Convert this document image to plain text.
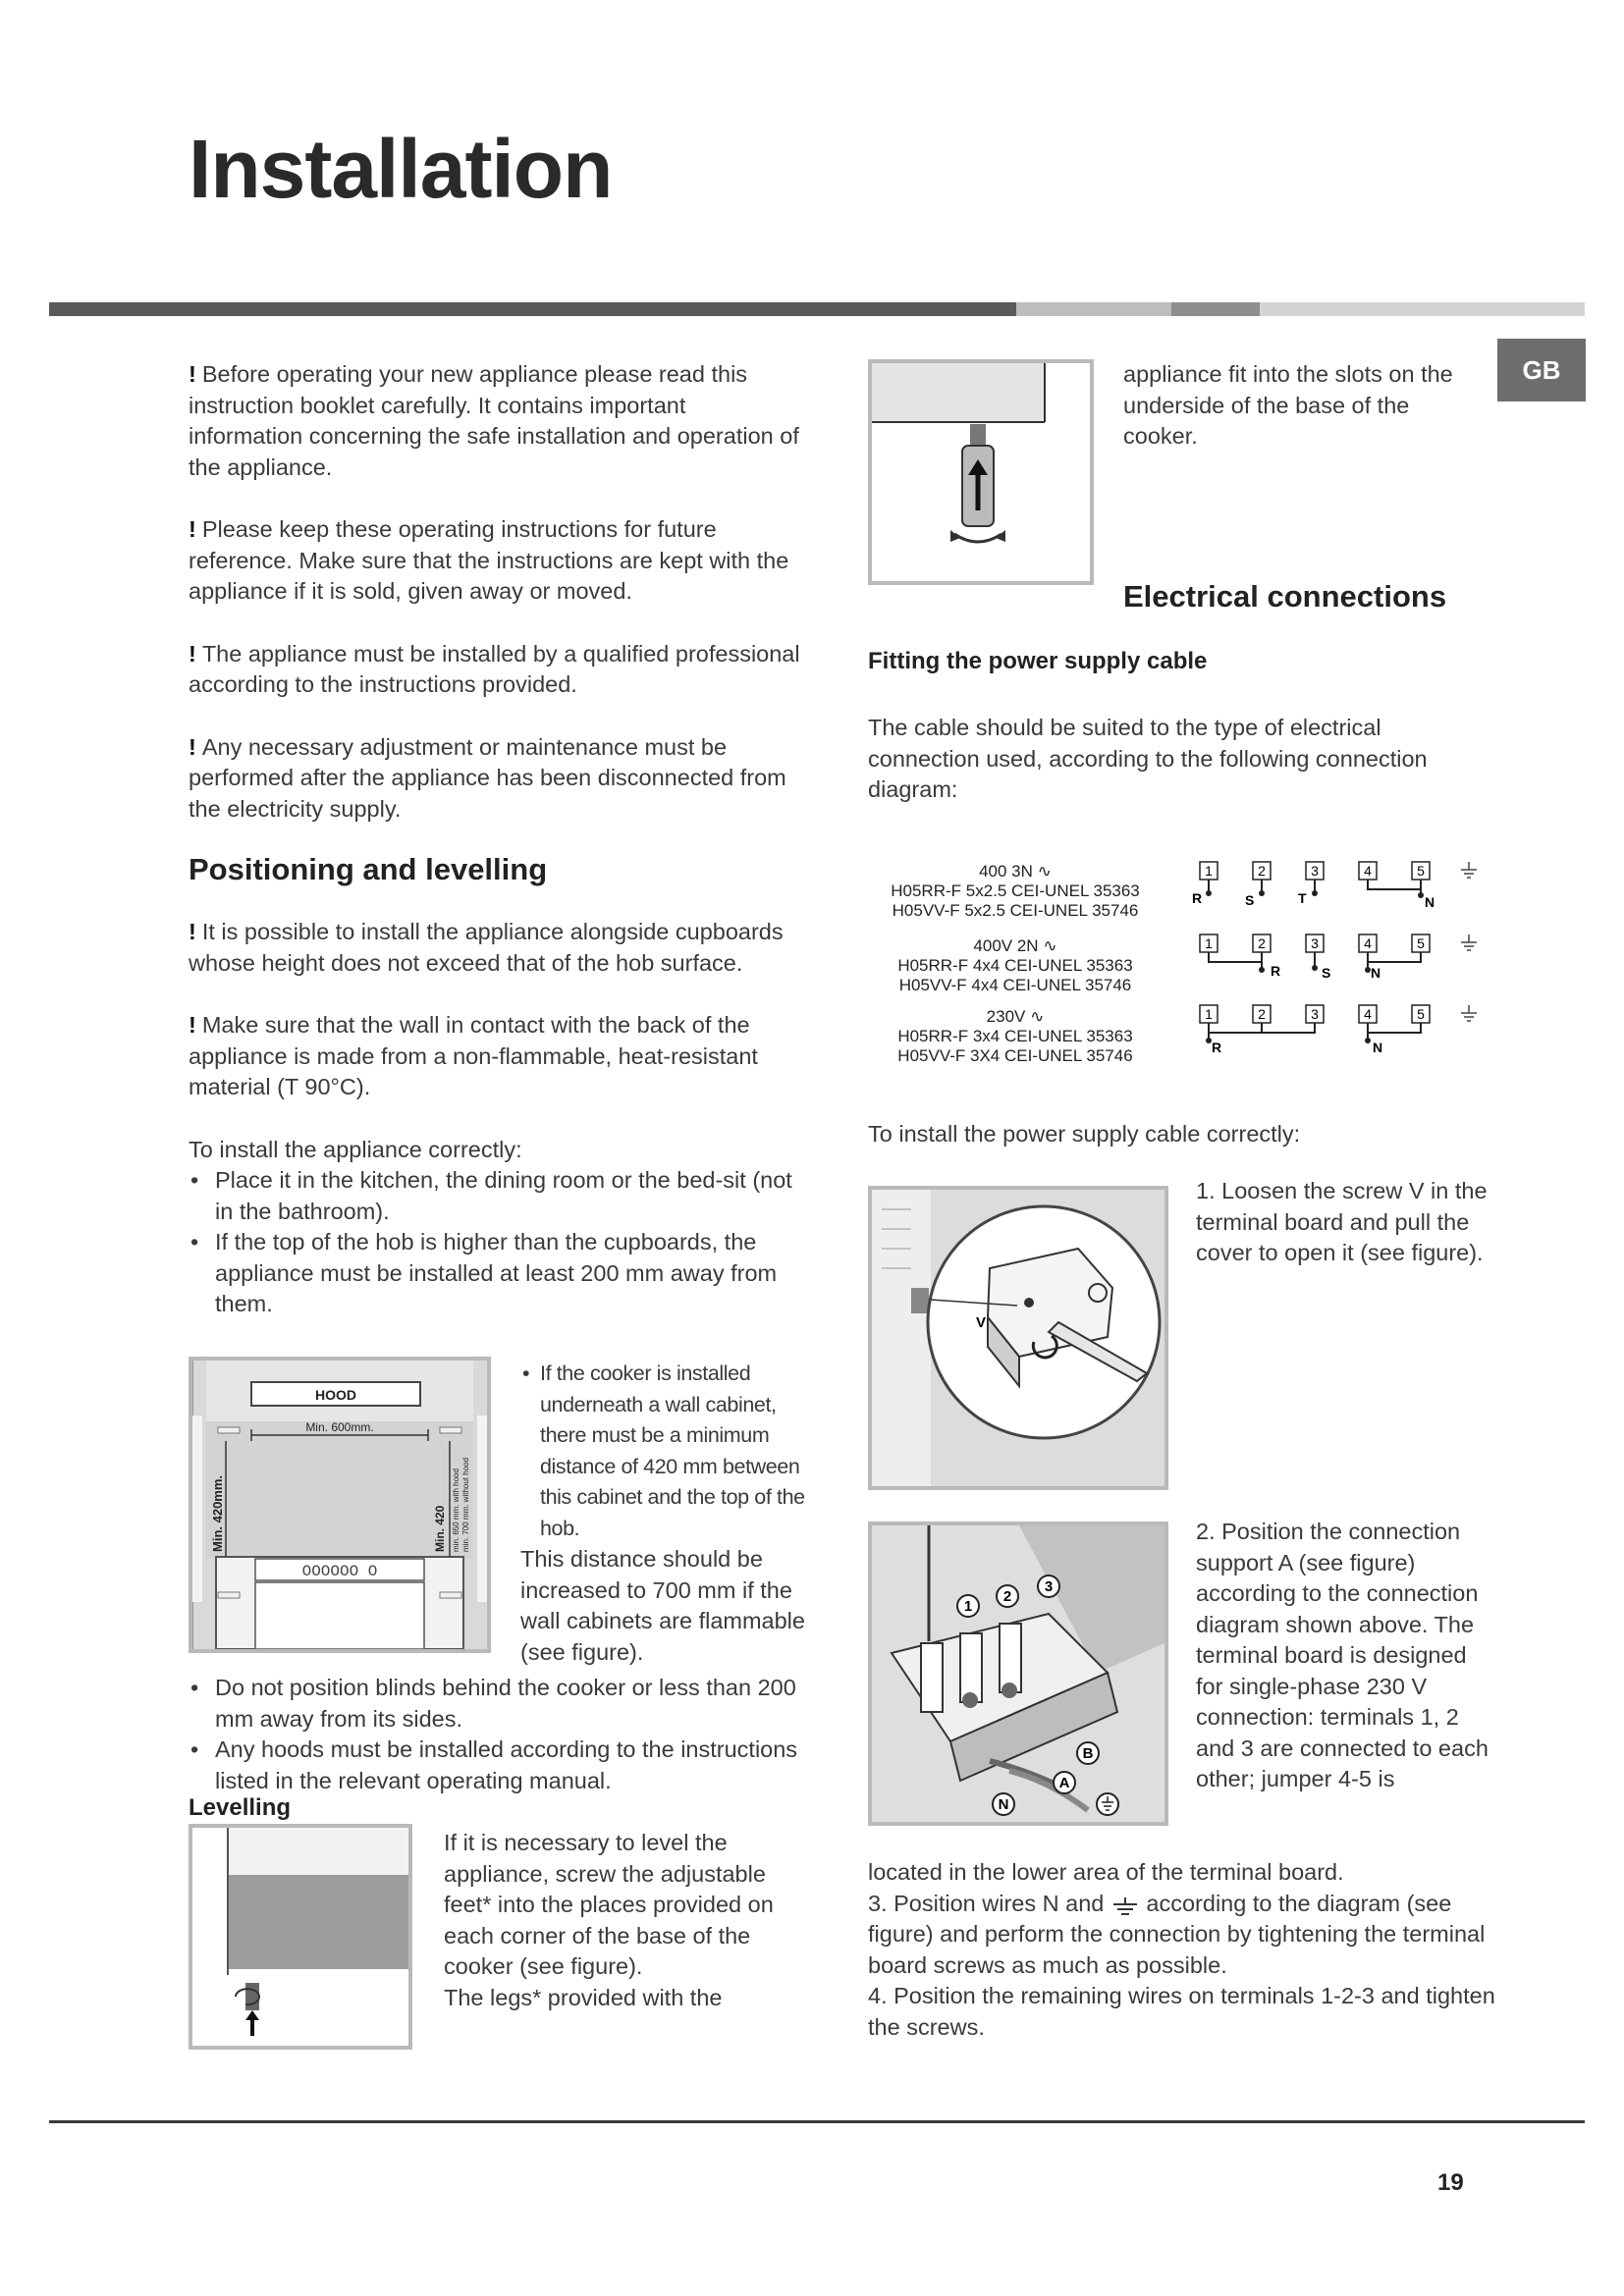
Installation
GB

! Before operating your new appliance please read this instruction booklet carefully. It contains important information concerning the safe installation and operation of the appliance.

! Please keep these operating instructions for future reference. Make sure that the instructions are kept with the appliance if it is sold, given away or moved.

! The appliance must be installed by a qualified professional according to the instructions provided.

! Any necessary adjustment or maintenance must be performed after the appliance has been disconnected from the electricity supply.

Positioning and levelling

! It is possible to install the appliance alongside cupboards whose height does not exceed that of the hob surface.

! Make sure that the wall in contact with the back of the appliance is made from a non-flammable, heat-resistant material (T 90°C).

To install the appliance correctly:
• Place it in the kitchen, the dining room or the bed-sit (not in the bathroom).
• If the top of the hob is higher than the cupboards, the appliance must be installed at least 200 mm away from them.
HOOD
Min. 600mm.
OOOOOO O
Min. 420mm.	Min. 420 min. 650 mm. with hood min. 700 mm. without hood
• If the cooker is installed underneath a wall cabinet, there must be a minimum distance of 420 mm between this cabinet and the top of the hob.
This distance should be increased to 700 mm if the wall cabinets are flammable (see figure).
• Do not position blinds behind the cooker or less than 200 mm away from its sides.
• Any hoods must be installed according to the instructions listed in the relevant operating manual.
Levelling
If it is necessary to level the appliance, screw the adjustable feet* into the places provided on each corner of the base of the cooker (see figure).
The legs* provided with the
appliance fit into the slots on the underside of the base of the cooker.
Electrical connections
Fitting the power supply cable
The cable should be suited to the type of electrical connection used, according to the following connection diagram:
400 3N ∿
H05RR-F 5x2.5 CEI-UNEL 35363
H05VV-F 5x2.5 CEI-UNEL 35746
400V 2N ∿
H05RR-F 4x4 CEI-UNEL 35363
H05VV-F 4x4 CEI-UNEL 35746
230V ∿
H05RR-F 3x4 CEI-UNEL 35363
H05VV-F 3X4 CEI-UNEL 35746
1	2	3	4	5
R	S	T	N
1	2	3	4	5
R	S	N
1	2	3	4	5
R	N
To install the power supply cable correctly:
V
1. Loosen the screw V in the terminal board and pull the cover to open it (see figure).
1
2
3
B
A
N
2. Position the connection support A (see figure) according to the connection diagram shown above. The terminal board is designed for single-phase 230 V connection: terminals 1, 2 and 3 are connected to each other; jumper 4-5 is
located in the lower area of the terminal board.
3. Position wires N and according to the diagram (see figure) and perform the connection by tightening the terminal board screws as much as possible.
4. Position the remaining wires on terminals 1-2-3 and tighten the screws.
19
